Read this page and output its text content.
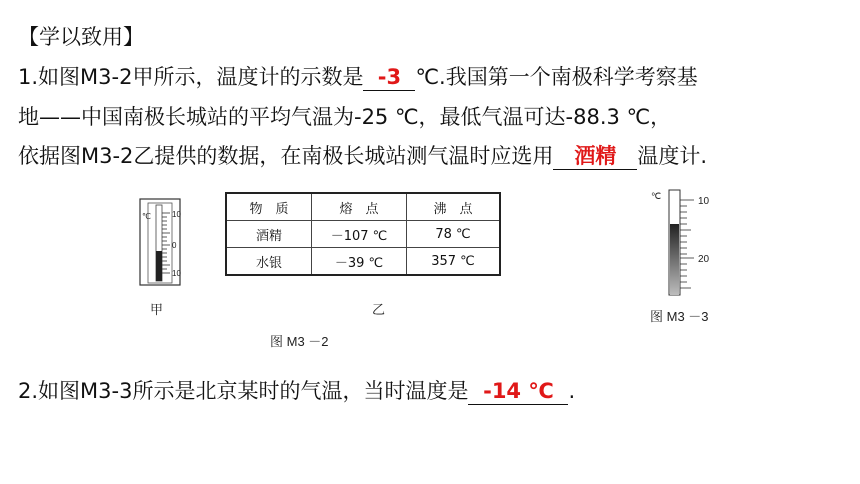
【学以致用】
1.如图M3-2甲所示，温度计的示数是 -3 ℃.我国第一个南极科学考察基
地——中国南极长城站的平均气温为-25 ℃，最低气温可达-88.3 ℃，
依据图M3-2乙提供的数据，在南极长城站测气温时应选用 酒精 温度计.
℃	10
0
10
甲
物　质	熔　点	沸　点
酒精	－107 ℃	78 ℃
水银	－39 ℃	357 ℃
乙
图 M3 －2
℃	10
20
图 M3 －3
2.如图M3-3所示是北京某时的气温，当时温度是 -14 ℃ .
